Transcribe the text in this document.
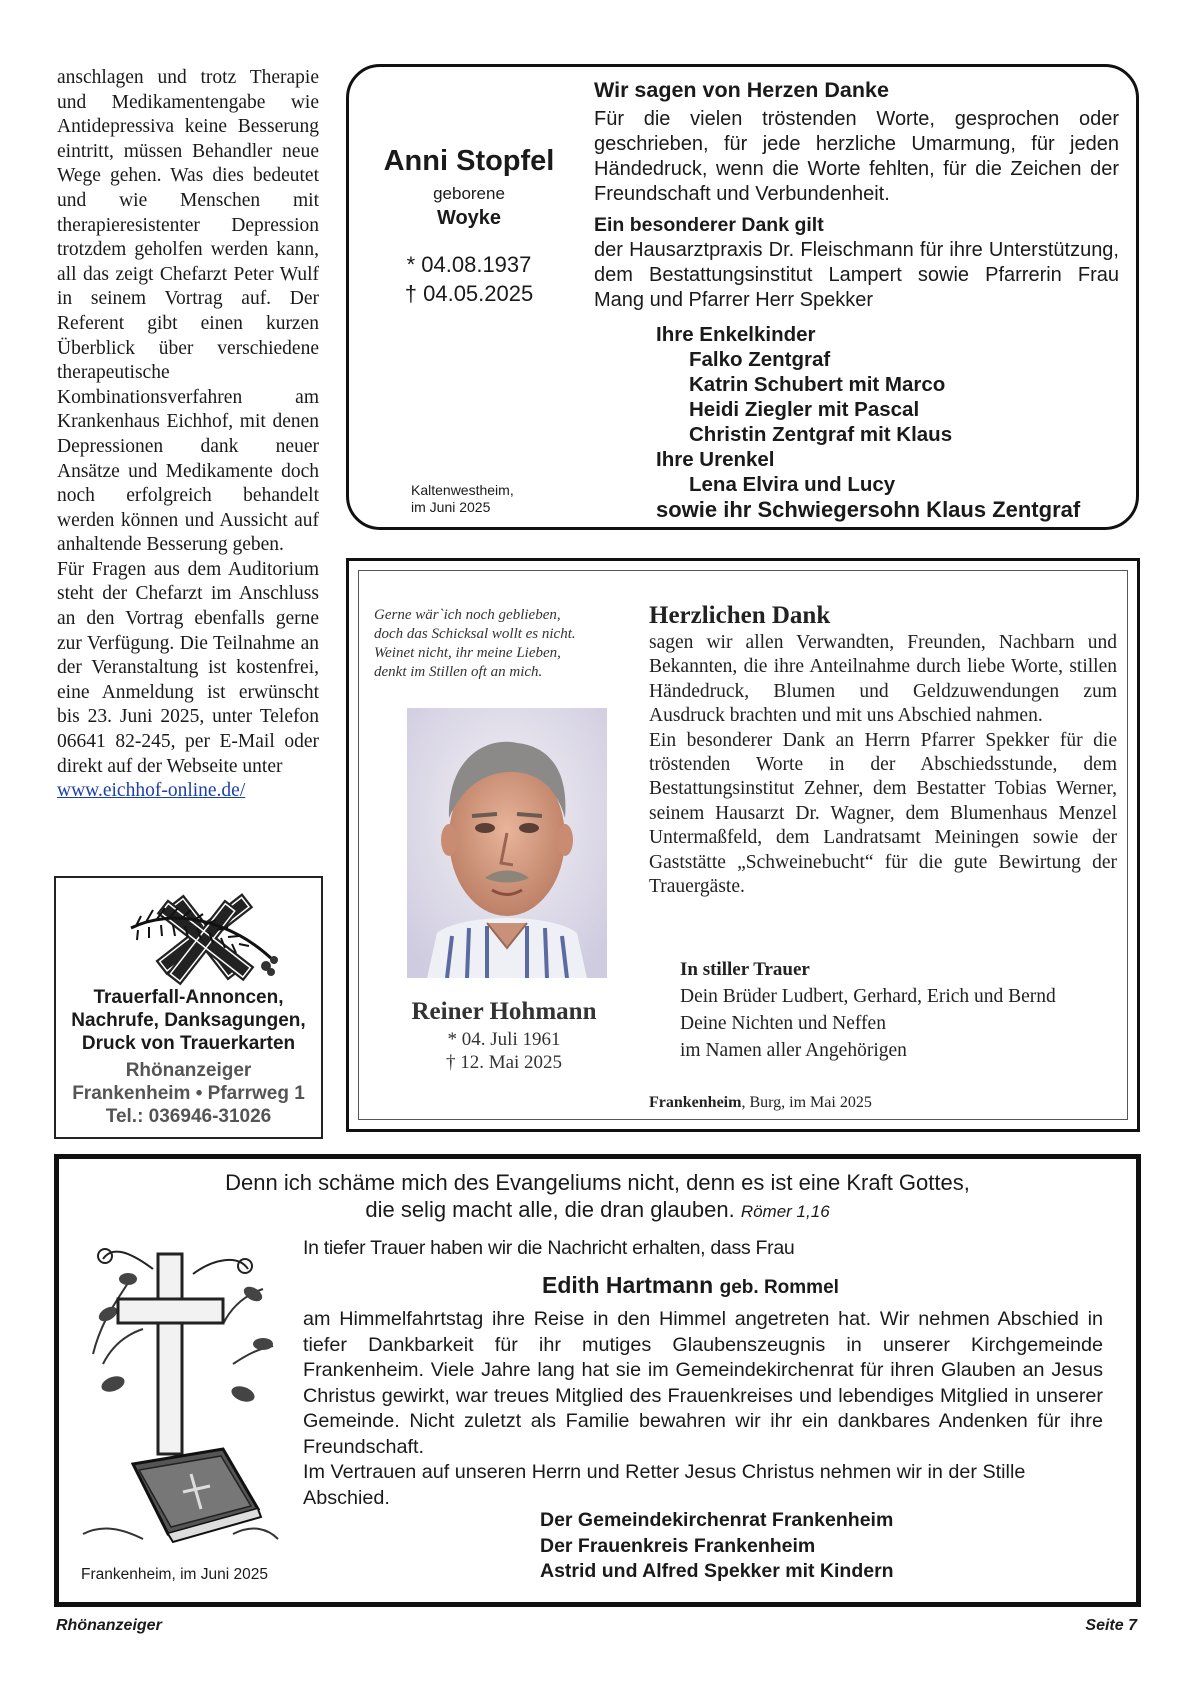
anschlagen und trotz Therapie und Medikamentengabe wie Antidepressiva keine Besserung eintritt, müssen Behandler neue Wege gehen. Was dies bedeutet und wie Menschen mit therapieresistenter Depression trotzdem geholfen werden kann, all das zeigt Chefarzt Peter Wulf in seinem Vortrag auf. Der Referent gibt einen kurzen Überblick über verschiedene therapeutische Kombinationsverfahren am Krankenhaus Eichhof, mit denen Depressionen dank neuer Ansätze und Medikamente doch noch erfolgreich behandelt werden können und Aussicht auf anhaltende Besserung geben.

Für Fragen aus dem Auditorium steht der Chefarzt im Anschluss an den Vortrag ebenfalls gerne zur Verfügung. Die Teilnahme an der Veranstaltung ist kostenfrei, eine Anmeldung ist erwünscht bis 23. Juni 2025, unter Telefon 06641 82-245, per E-Mail oder direkt auf der Webseite unter
www.eichhof-online.de/

Trauerfall-Annoncen,
Nachrufe, Danksagungen,
Druck von Trauerkarten
Rhönanzeiger
Frankenheim • Pfarrweg 1
Tel.: 036946-31026
Anni Stopfel
geborene
Woyke
* 04.08.1937
† 04.05.2025
Kaltenwestheim,
im Juni 2025
Wir sagen von Herzen Danke

Für die vielen tröstenden Worte, gesprochen oder geschrieben, für jede herzliche Umarmung, für jeden Händedruck, wenn die Worte fehlten, für die Zeichen der Freundschaft und Verbundenheit.

Ein besonderer Dank gilt

der Hausarztpraxis Dr. Fleischmann für ihre Unterstützung, dem Bestattungsinstitut Lampert sowie Pfarrerin Frau Mang und Pfarrer Herr Spekker

Ihre Enkelkinder
Falko Zentgraf
Katrin Schubert mit Marco
Heidi Ziegler mit Pascal
Christin Zentgraf mit Klaus
Ihre Urenkel
Lena Elvira und Lucy
sowie ihr Schwiegersohn Klaus Zentgraf
Gerne wär`ich noch geblieben,
doch das Schicksal wollt es nicht.
Weinet nicht, ihr meine Lieben,
denkt im Stillen oft an mich.
Reiner Hohmann
* 04. Juli 1961
† 12. Mai 2025
Herzlichen Dank

sagen wir allen Verwandten, Freunden, Nachbarn und Bekannten, die ihre Anteilnahme durch liebe Worte, stillen Händedruck, Blumen und Geldzuwendungen zum Ausdruck brachten und mit uns Abschied nahmen.

Ein besonderer Dank an Herrn Pfarrer Spekker für die tröstenden Worte in der Abschiedsstunde, dem Bestattungsinstitut Zehner, dem Bestatter Tobias Werner, seinem Hausarzt Dr. Wagner, dem Blumenhaus Menzel Untermaßfeld, dem Landratsamt Meiningen sowie der Gaststätte „Schweinebucht“ für die gute Bewirtung der Trauergäste.

In stiller Trauer
Dein Brüder Ludbert, Gerhard, Erich und Bernd
Deine Nichten und Neffen
im Namen aller Angehörigen
Frankenheim, Burg, im Mai 2025
Denn ich schäme mich des Evangeliums nicht, denn es ist eine Kraft Gottes,
die selig macht alle, die dran glauben. Römer 1,16
In tiefer Trauer haben wir die Nachricht erhalten, dass Frau
Edith Hartmann geb. Rommel

am Himmelfahrtstag ihre Reise in den Himmel angetreten hat. Wir nehmen Abschied in tiefer Dankbarkeit für ihr mutiges Glaubenszeugnis in unserer Kirchgemeinde Frankenheim. Viele Jahre lang hat sie im Gemeindekirchenrat für ihren Glauben an Jesus Christus gewirkt, war treues Mitglied des Frauenkreises und lebendiges Mitglied in unserer Gemeinde. Nicht zuletzt als Familie bewahren wir ihr ein dankbares Andenken für ihre Freundschaft.

Im Vertrauen auf unseren Herrn und Retter Jesus Christus nehmen wir in der Stille Abschied.

Der Gemeindekirchenrat Frankenheim
Der Frauenkreis Frankenheim
Astrid und Alfred Spekker mit Kindern
Frankenheim, im Juni 2025
Rhönanzeiger	Seite 7
